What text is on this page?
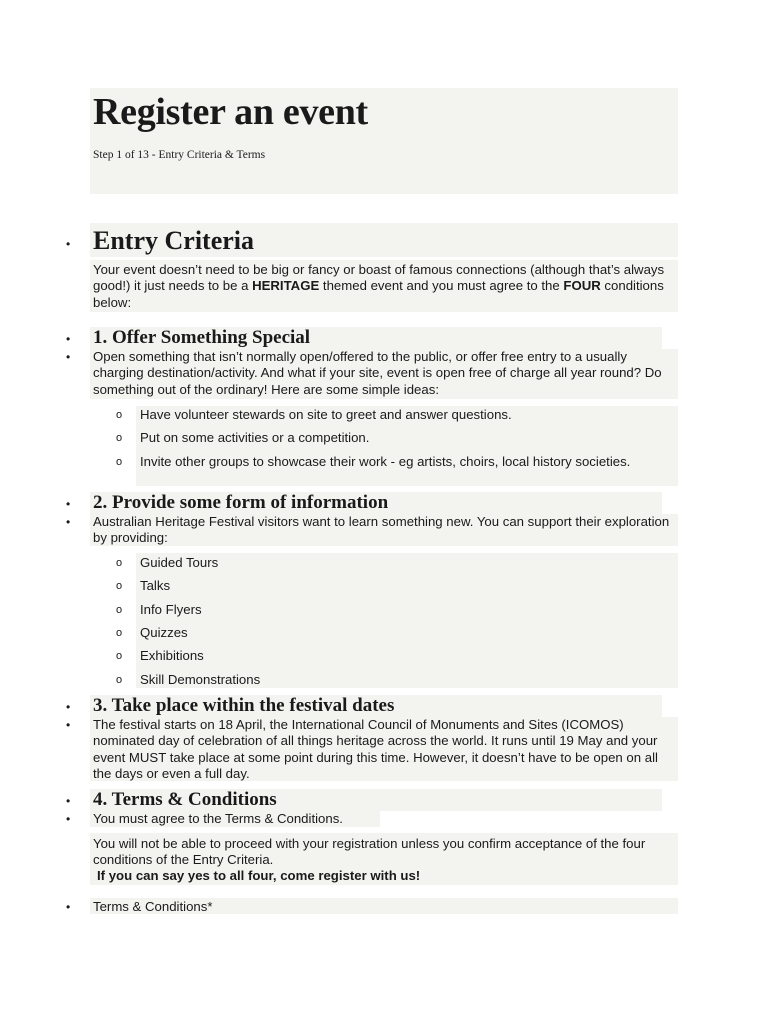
Register an event
Step 1 of 13 - Entry Criteria & Terms
• Entry Criteria
Your event doesn’t need to be big or fancy or boast of famous connections (although that’s always good!) it just needs to be a HERITAGE themed event and you must agree to the FOUR conditions below:
• 1. Offer Something Special
• Open something that isn’t normally open/offered to the public, or offer free entry to a usually charging destination/activity. And what if your site, event is open free of charge all year round? Do something out of the ordinary! Here are some simple ideas:
o Have volunteer stewards on site to greet and answer questions.
o Put on some activities or a competition.
o Invite other groups to showcase their work - eg artists, choirs, local history societies.
• 2. Provide some form of information
• Australian Heritage Festival visitors want to learn something new. You can support their exploration by providing:
o Guided Tours
o Talks
o Info Flyers
o Quizzes
o Exhibitions
o Skill Demonstrations
• 3. Take place within the festival dates
• The festival starts on 18 April, the International Council of Monuments and Sites (ICOMOS) nominated day of celebration of all things heritage across the world. It runs until 19 May and your event MUST take place at some point during this time. However, it doesn’t have to be open on all the days or even a full day.
• 4. Terms & Conditions
• You must agree to the Terms & Conditions.
You will not be able to proceed with your registration unless you confirm acceptance of the four conditions of the Entry Criteria.
If you can say yes to all four, come register with us!
• Terms & Conditions*
